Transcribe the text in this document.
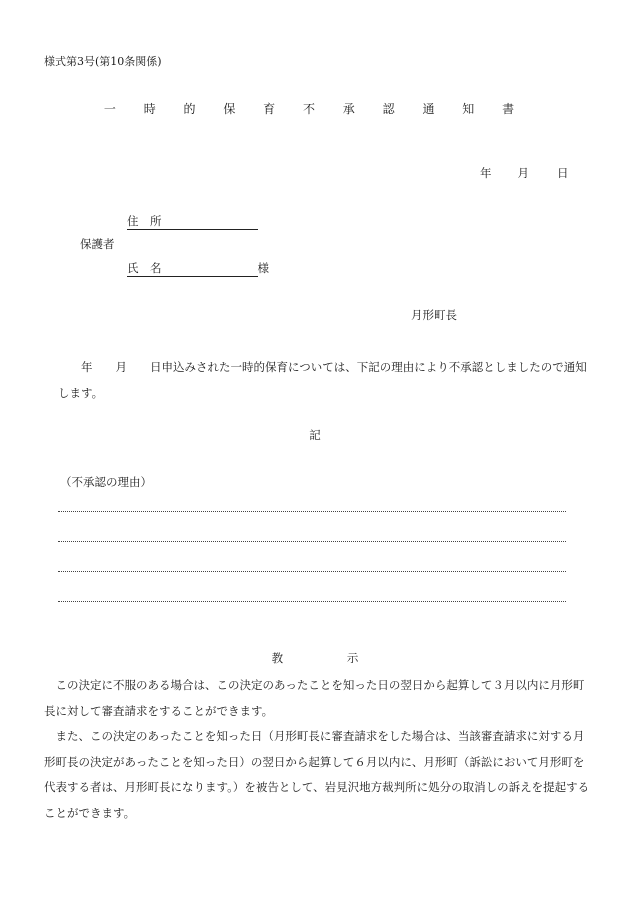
様式第3号(第10条関係)
一 時 的 保 育 不 承 認 通 知 書
年 月 日
住　所
保護者
氏　名	様
月形町長
　　年　　月　　日申込みされた一時的保育については、下記の理由により不承認としましたので通知します。
記
（不承認の理由）
教 示

この決定に不服のある場合は、この決定のあったことを知った日の翌日から起算して３月以内に月形町長に対して審査請求をすることができます。

また、この決定のあったことを知った日（月形町長に審査請求をした場合は、当該審査請求に対する月形町長の決定があったことを知った日）の翌日から起算して６月以内に、月形町（訴訟において月形町を代表する者は、月形町長になります。）を被告として、岩見沢地方裁判所に処分の取消しの訴えを提起することができます。
